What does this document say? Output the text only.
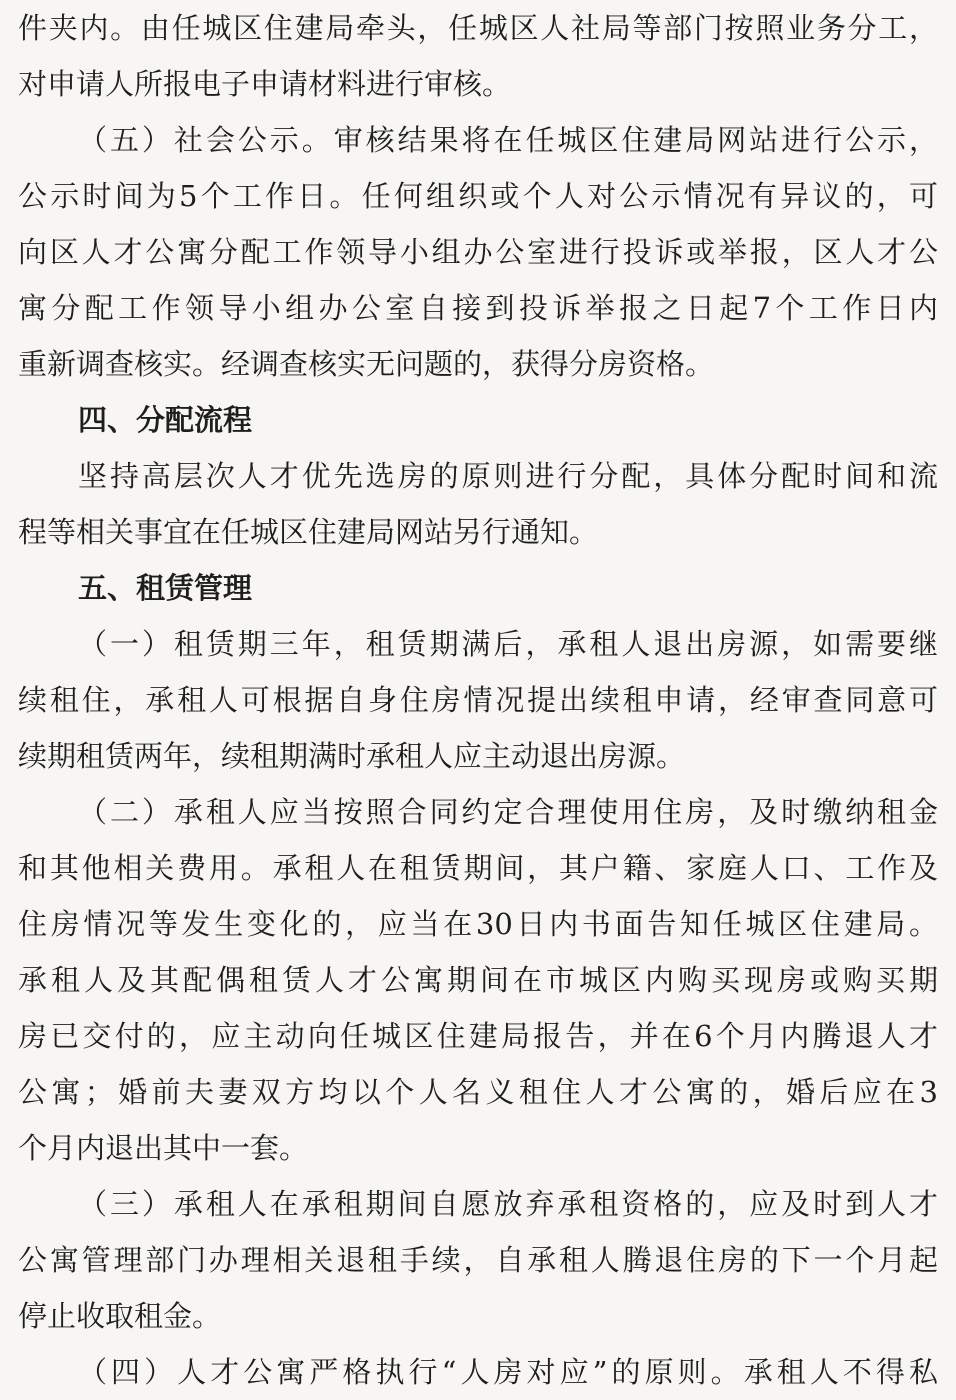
件夹内。由任城区住建局牵头，任城区人社局等部门按照业务分工，
对申请人所报电子申请材料进行审核。
（五）社会公示。审核结果将在任城区住建局网站进行公示，
公示时间为5个工作日。任何组织或个人对公示情况有异议的，可
向区人才公寓分配工作领导小组办公室进行投诉或举报，区人才公
寓分配工作领导小组办公室自接到投诉举报之日起7个工作日内
重新调查核实。经调查核实无问题的，获得分房资格。
四、分配流程
坚持高层次人才优先选房的原则进行分配，具体分配时间和流
程等相关事宜在任城区住建局网站另行通知。
五、租赁管理
（一）租赁期三年，租赁期满后，承租人退出房源，如需要继
续租住，承租人可根据自身住房情况提出续租申请，经审查同意可
续期租赁两年，续租期满时承租人应主动退出房源。
（二）承租人应当按照合同约定合理使用住房，及时缴纳租金
和其他相关费用。承租人在租赁期间，其户籍、家庭人口、工作及
住房情况等发生变化的，应当在30日内书面告知任城区住建局。
承租人及其配偶租赁人才公寓期间在市城区内购买现房或购买期
房已交付的，应主动向任城区住建局报告，并在6个月内腾退人才
公寓；婚前夫妻双方均以个人名义租住人才公寓的，婚后应在3
个月内退出其中一套。
（三）承租人在承租期间自愿放弃承租资格的，应及时到人才
公寓管理部门办理相关退租手续，自承租人腾退住房的下一个月起
停止收取租金。
（四）人才公寓严格执行“人房对应”的原则。承租人不得私
